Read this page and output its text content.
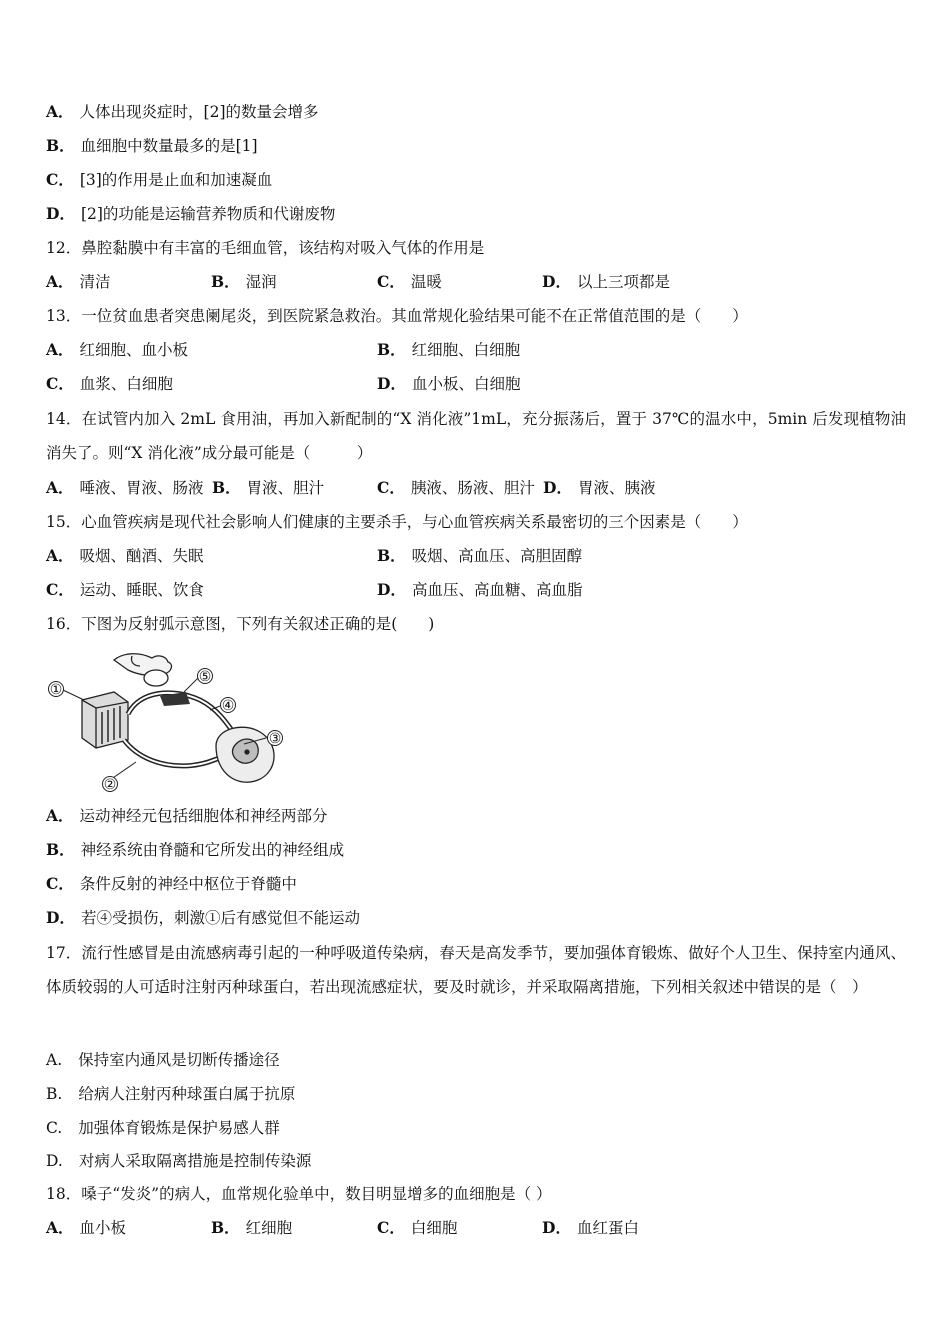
A． 人体出现炎症时，[2]的数量会增多
B． 血细胞中数量最多的是[1]
C． [3]的作用是止血和加速凝血
D． [2]的功能是运输营养物质和代谢废物
12．鼻腔黏膜中有丰富的毛细血管，该结构对吸入气体的作用是
A． 清洁	B． 湿润	C． 温暖	D． 以上三项都是
13．一位贫血患者突患阑尾炎，到医院紧急救治。其血常规化验结果可能不在正常值范围的是（　　）
A． 红细胞、血小板	B． 红细胞、白细胞
C． 血浆、白细胞	D． 血小板、白细胞
14．在试管内加入 2mL 食用油，再加入新配制的“X 消化液”1mL，充分振荡后，置于 37℃的温水中，5min 后发现植物油消失了。则“X 消化液”成分最可能是（　　　）
A． 唾液、胃液、肠液 B． 胃液、胆汁	C． 胰液、肠液、胆汁 D． 胃液、胰液
15．心血管疾病是现代社会影响人们健康的主要杀手，与心血管疾病关系最密切的三个因素是（　　）
A． 吸烟、酗酒、失眠	B． 吸烟、高血压、高胆固醇
C． 运动、睡眠、饮食	D． 高血压、高血糖、高血脂
16．下图为反射弧示意图，下列有关叙述正确的是(　　)
①
②
③
④
⑤
A． 运动神经元包括细胞体和神经两部分
B． 神经系统由脊髓和它所发出的神经组成
C． 条件反射的神经中枢位于脊髓中
D． 若④受损伤，刺激①后有感觉但不能运动
17．流行性感冒是由流感病毒引起的一种呼吸道传染病，春天是高发季节，要加强体育锻炼、做好个人卫生、保持室内通风、体质较弱的人可适时注射丙种球蛋白，若出现流感症状，要及时就诊，并采取隔离措施，下列相关叙述中错误的是（　）
A. 保持室内通风是切断传播途径
B. 给病人注射丙种球蛋白属于抗原
C. 加强体育锻炼是保护易感人群
D. 对病人采取隔离措施是控制传染源
18．嗓子“发炎”的病人，血常规化验单中，数目明显增多的血细胞是（ ）
A． 血小板	B． 红细胞	C． 白细胞	D． 血红蛋白
